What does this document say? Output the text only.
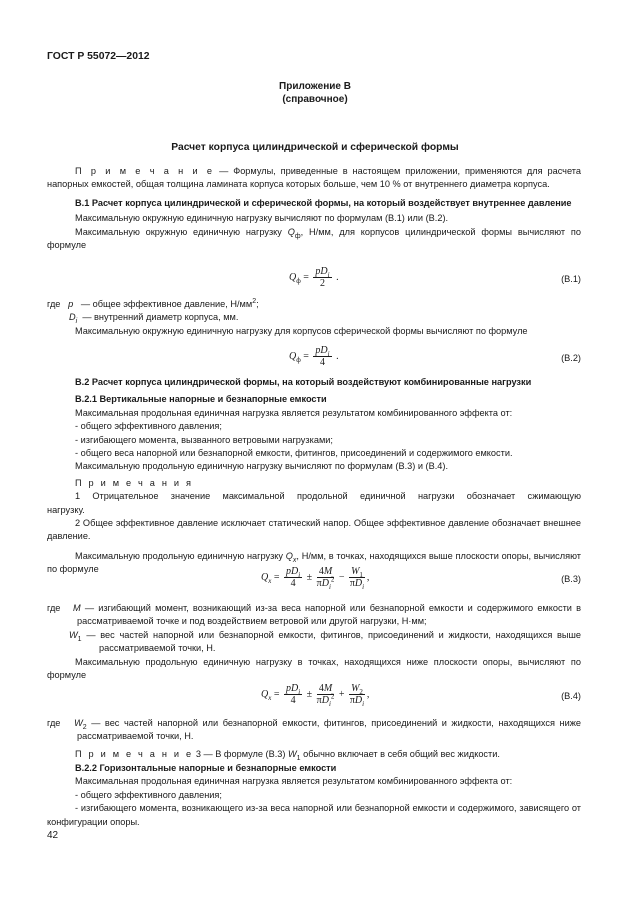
ГОСТ Р 55072—2012
Приложение В
(справочное)
Расчет корпуса цилиндрической и сферической формы

П р и м е ч а н и е — Формулы, приведенные в настоящем приложении, применяются для расчета напорных емкостей, общая толщина ламината корпуса которых больше, чем 10 % от внутреннего диаметра корпуса.

В.1 Расчет корпуса цилиндрической и сферической формы, на который воздействует внутреннее давление

Максимальную окружную единичную нагрузку вычисляют по формулам (В.1) или (В.2).

Максимальную окружную единичную нагрузку $Q_ф$, Н/мм, для корпусов цилиндрической формы вычисляют по формуле

$Q_ф = \frac{pD_i}{2}$ .	(В.1)

где p — общее эффективное давление, $Н/мм^2$;

$D_i$ — внутренний диаметр корпуса, мм.

Максимальную окружную единичную нагрузку для корпусов сферической формы вычисляют по формуле

$Q_ф = \frac{pD_i}{4}$ .	(В.2)

В.2 Расчет корпуса цилиндрической формы, на который воздействуют комбинированные нагрузки

В.2.1 Вертикальные напорные и безнапорные емкости

Максимальная продольная единичная нагрузка является результатом комбинированного эффекта от:

- общего эффективного давления;

- изгибающего момента, вызванного ветровыми нагрузками;

- общего веса напорной или безнапорной емкости, фитингов, присоединений и содержимого емкости.

Максимальную продольную единичную нагрузку вычисляют по формулам (В.3) и (В.4).

П р и м е ч а н и я

1 Отрицательное значение максимальной продольной единичной нагрузки обозначает сжимающую нагрузку.

2 Общее эффективное давление исключает статический напор. Общее эффективное давление обозначает внешнее давление.

Максимальную продольную единичную нагрузку $Q_x$, Н/мм, в точках, находящихся выше плоскости опоры, вычисляют по формуле

$Q_x = \frac{pD_i}{4} \pm \frac{4M}{\pi D_i^2} - \frac{W_1}{\pi D_i}$ ,	(В.3)

где M — изгибающий момент, возникающий из-за веса напорной или безнапорной емкости и содержимого емкости в рассматриваемой точке и под воздействием ветровой или другой нагрузки, Н·мм;

$W_1$ — вес частей напорной или безнапорной емкости, фитингов, присоединений и жидкости, находящихся выше рассматриваемой точки, Н.

Максимальную продольную единичную нагрузку в точках, находящихся ниже плоскости опоры, вычисляют по формуле

$Q_x = \frac{pD_i}{4} \pm \frac{4M}{\pi D_i^2} + \frac{W_2}{\pi D_i}$ ,	(В.4)

где $W_2$ — вес частей напорной или безнапорной емкости, фитингов, присоединений и жидкости, находящихся ниже рассматриваемой точки, Н.

П р и м е ч а н и е 3 — В формуле (В.3) $W_1$ обычно включает в себя общий вес жидкости.

В.2.2 Горизонтальные напорные и безнапорные емкости

Максимальная продольная единичная нагрузка является результатом комбинированного эффекта от:

- общего эффективного давления;

- изгибающего момента, возникающего из-за веса напорной или безнапорной емкости и содержимого, зависящего от конфигурации опоры.

42
